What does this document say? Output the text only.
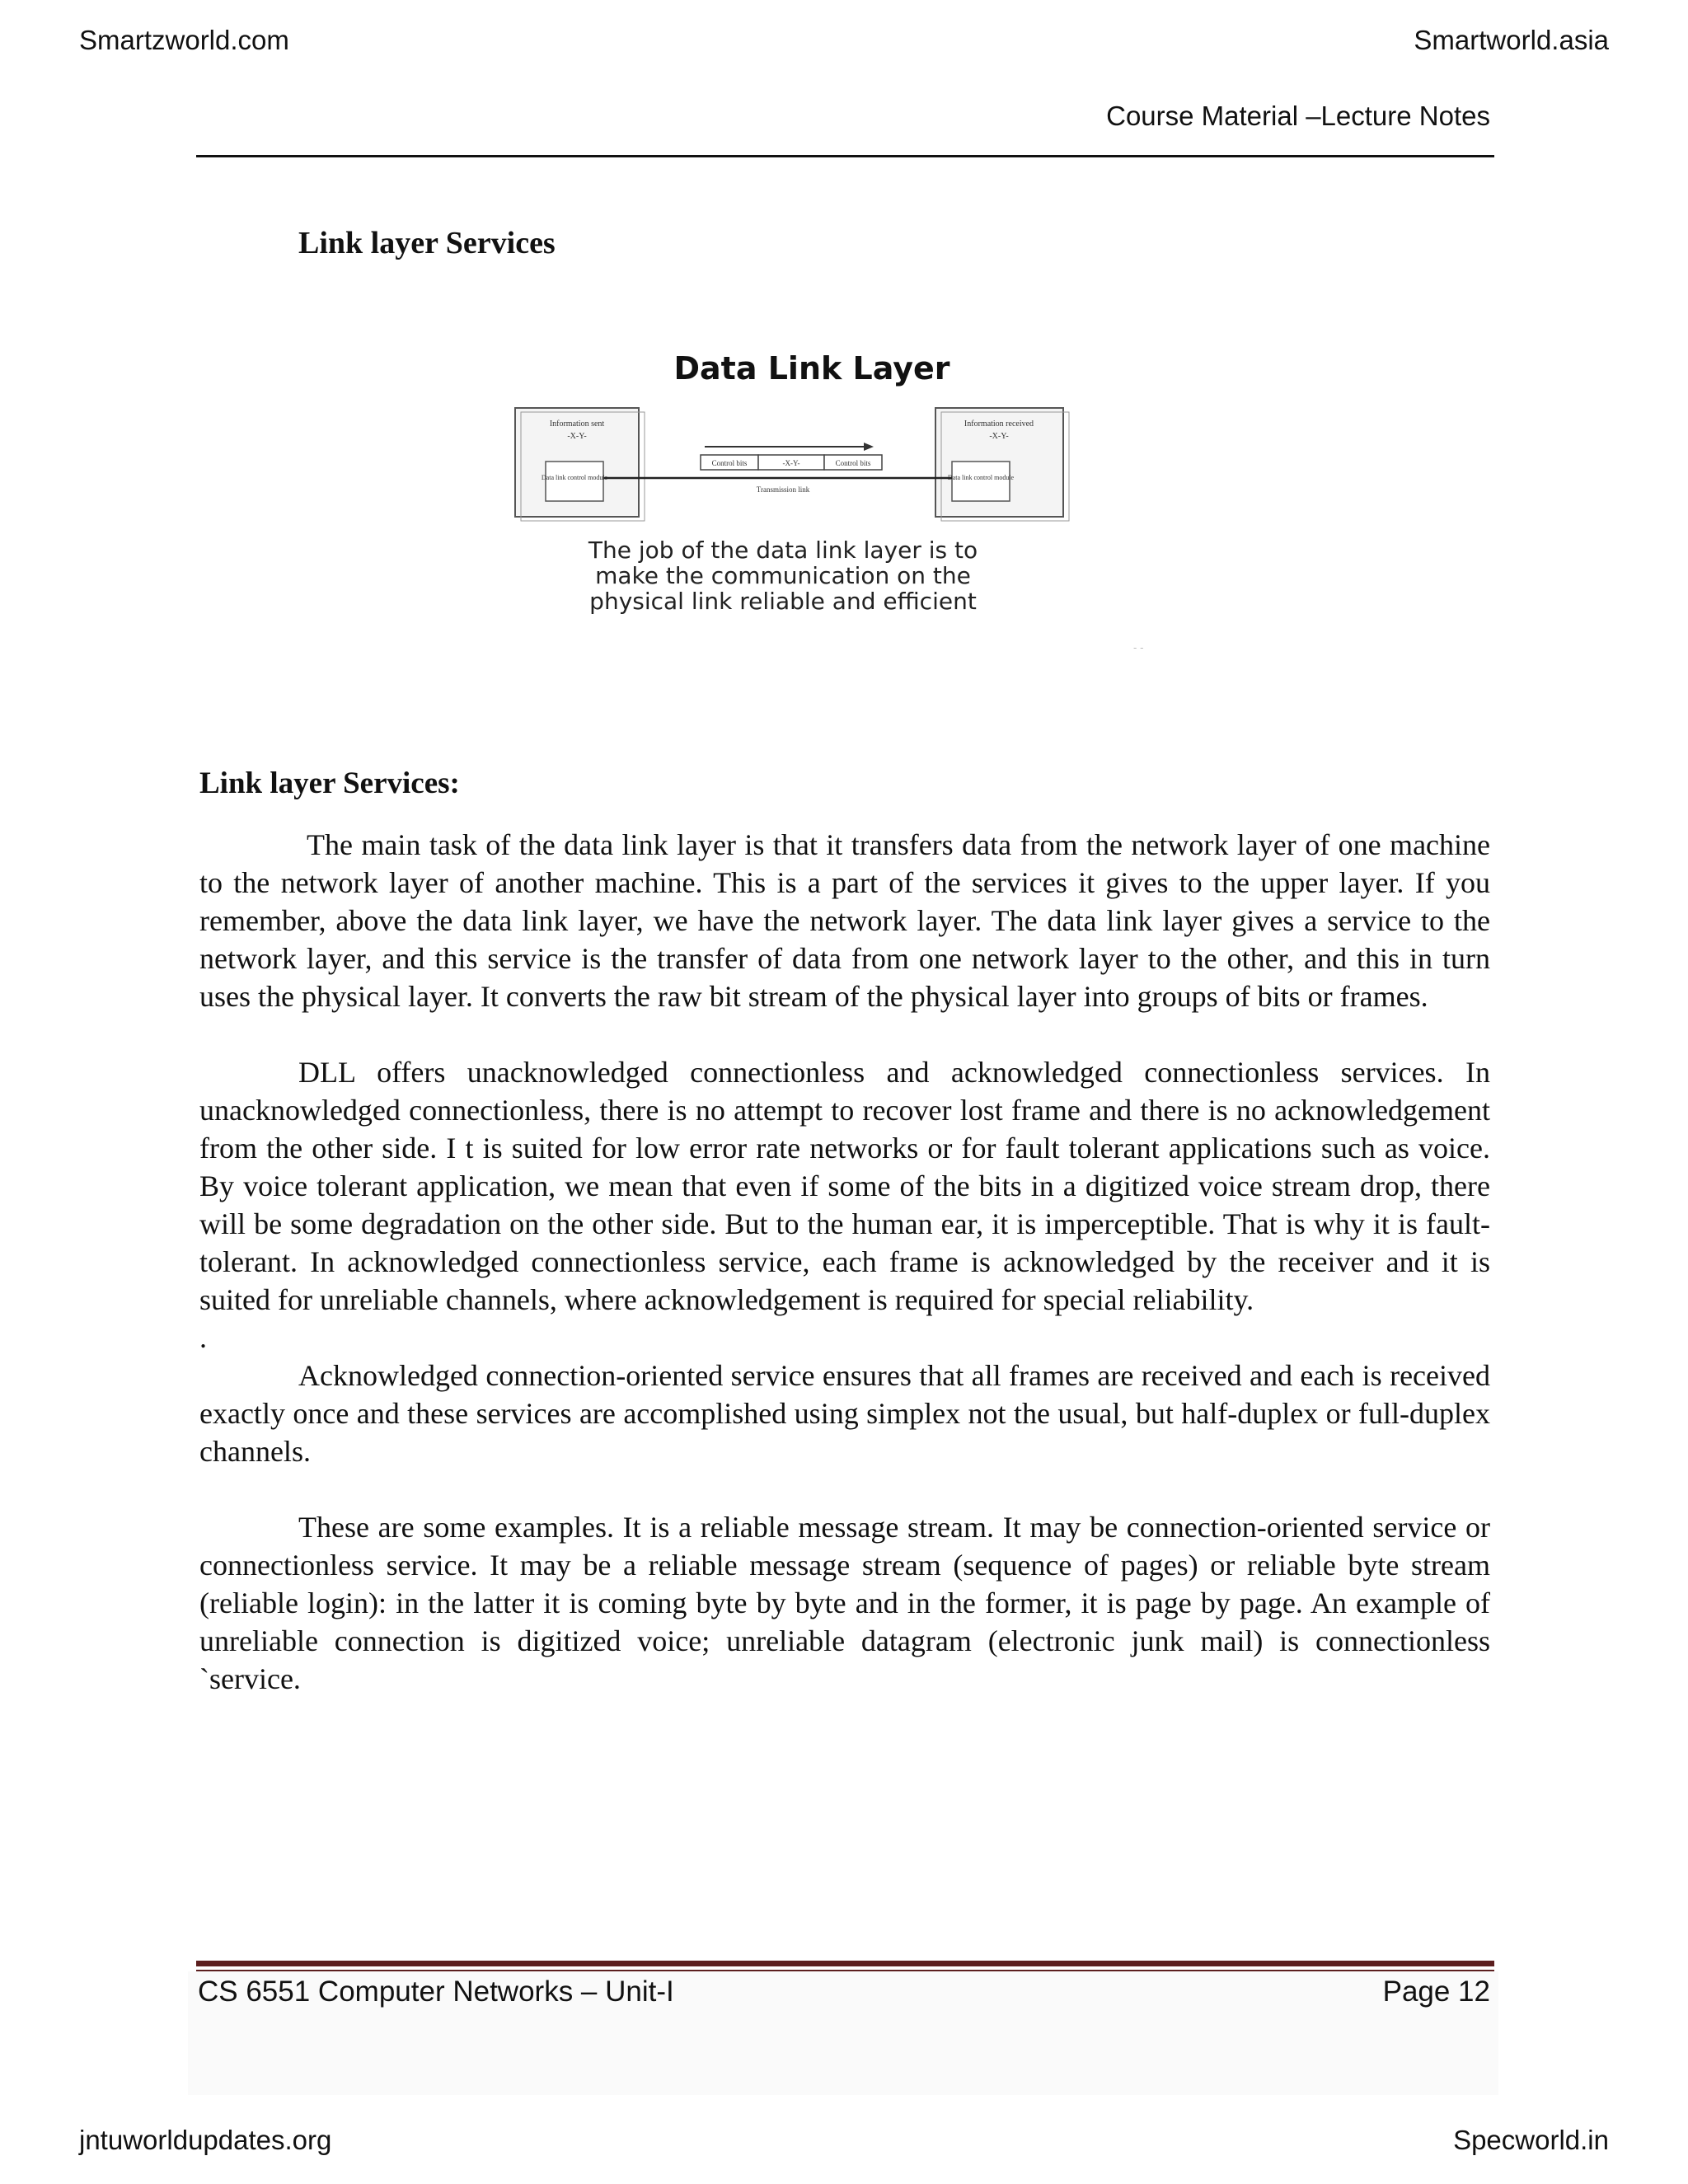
Smartzworld.com	Smartworld.asia
Course Material –Lecture Notes
Link layer Services
Data Link Layer
Information sent
-X-Y-
Data link control module
Information received
-X-Y-
Data link control module
Control bits	-X-Y-	Control bits
Transmission link
- -
The job of the data link layer is to
make the communication on the
physical link reliable and efficient
Link layer Services:

The main task of the data link layer is that it transfers data from the network layer of one machine to the network layer of another machine. This is a part of the services it gives to the upper layer. If you remember, above the data link layer, we have the network layer. The data link layer gives a service to the network layer, and this service is the transfer of data from one network layer to the other, and this in turn uses the physical layer. It converts the raw bit stream of the physical layer into groups of bits or frames.

DLL offers unacknowledged connectionless and acknowledged connectionless services. In unacknowledged connectionless, there is no attempt to recover lost frame and there is no acknowledgement from the other side. I t is suited for low error rate networks or for fault tolerant applications such as voice. By voice tolerant application, we mean that even if some of the bits in a digitized voice stream drop, there will be some degradation on the other side. But to the human ear, it is imperceptible. That is why it is fault-tolerant. In acknowledged connectionless service, each frame is acknowledged by the receiver and it is suited for unreliable channels, where acknowledgement is required for special reliability.

.

Acknowledged connection-oriented service ensures that all frames are received and each is received exactly once and these services are accomplished using simplex not the usual, but half-duplex or full-duplex channels.

These are some examples. It is a reliable message stream. It may be connection-oriented service or connectionless service. It may be a reliable message stream (sequence of pages) or reliable byte stream (reliable login): in the latter it is coming byte by byte and in the former, it is page by page. An example of unreliable connection is digitized voice; unreliable datagram (electronic junk mail) is connectionless `service.

CS 6551 Computer Networks – Unit-I	Page 12
jntuworldupdates.org	Specworld.in
